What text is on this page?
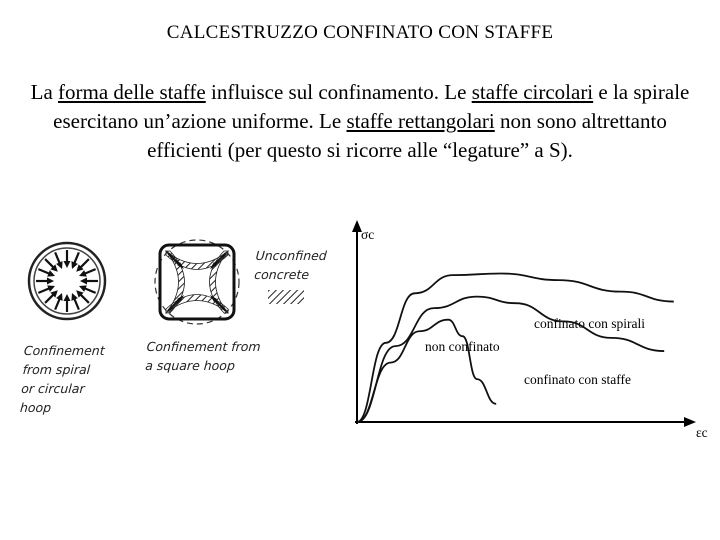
CALCESTRUZZO CONFINATO CON STAFFE
La forma delle staffe influisce sul confinamento. Le staffe circolari e la spirale esercitano un’azione uniforme. Le staffe rettangolari non sono altrettanto efficienti (per questo si ricorre alle “legature” a S).
σc
εc
confinato con spirali
non confinato
confinato con staffe
Confinement
from spiral
or circular
hoop
Confinement from
a square hoop
Unconfined
concrete
